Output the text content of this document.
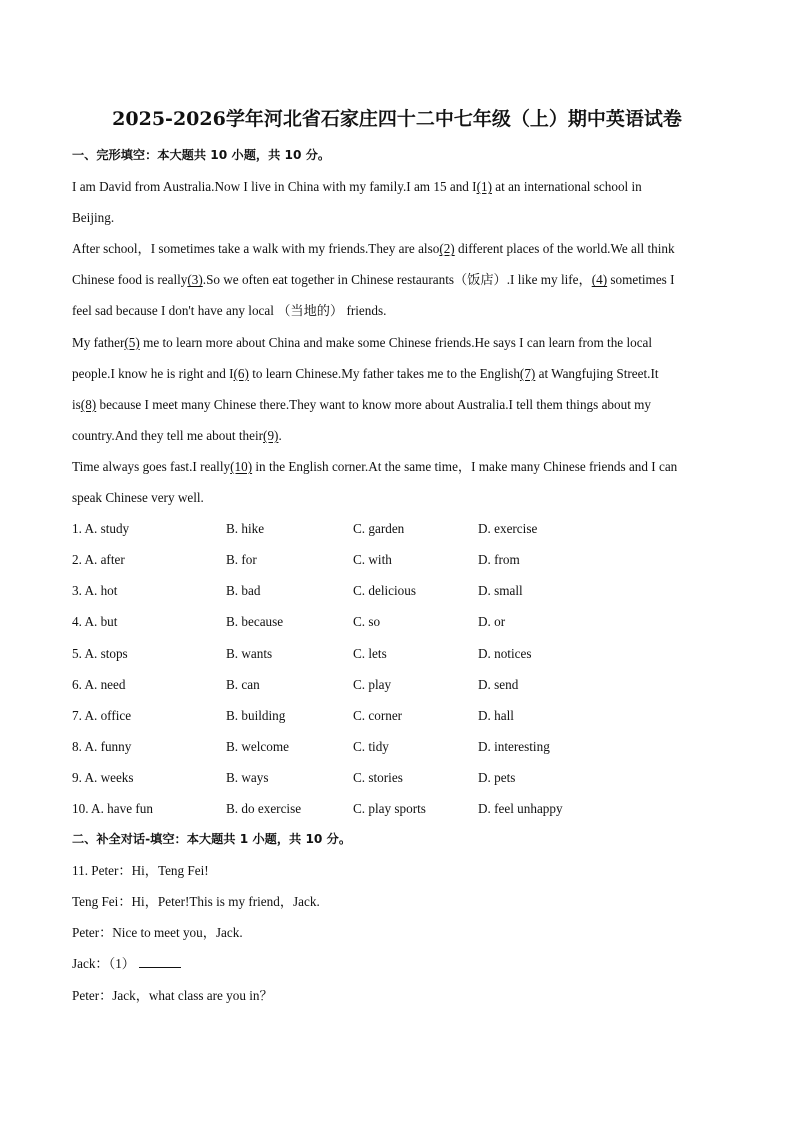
2025-2026学年河北省石家庄四十二中七年级（上）期中英语试卷
一、完形填空：本大题共 10 小题，共 10 分。
I am David from Australia.Now I live in China with my family.I am 15 and I(1) at an international school in
Beijing.
After school，I sometimes take a walk with my friends.They are also(2) different places of the world.We all think
Chinese food is really(3).So we often eat together in Chinese restaurants（饭店）.I like my life，(4) sometimes I
feel sad because I don't have any local （当地的） friends.
My father(5) me to learn more about China and make some Chinese friends.He says I can learn from the local
people.I know he is right and I(6) to learn Chinese.My father takes me to the English(7) at Wangfujing Street.It
is(8) because I meet many Chinese there.They want to know more about Australia.I tell them things about my
country.And they tell me about their(9).
Time always goes fast.I really(10) in the English corner.At the same time，I make many Chinese friends and I can
speak Chinese very well.
1. A. study	B. hike	C. garden	D. exercise
2. A. after	B. for	C. with	D. from
3. A. hot	B. bad	C. delicious	D. small
4. A. but	B. because	C. so	D. or
5. A. stops	B. wants	C. lets	D. notices
6. A. need	B. can	C. play	D. send
7. A. office	B. building	C. corner	D. hall
8. A. funny	B. welcome	C. tidy	D. interesting
9. A. weeks	B. ways	C. stories	D. pets
10. A. have fun	B. do exercise	C. play sports	D. feel unhappy
二、补全对话-填空：本大题共 1 小题，共 10 分。
11. Peter：Hi，Teng Fei!
Teng Fei：Hi，Peter!This is my friend，Jack.
Peter：Nice to meet you，Jack.
Jack：（1）
Peter：Jack，what class are you in？
